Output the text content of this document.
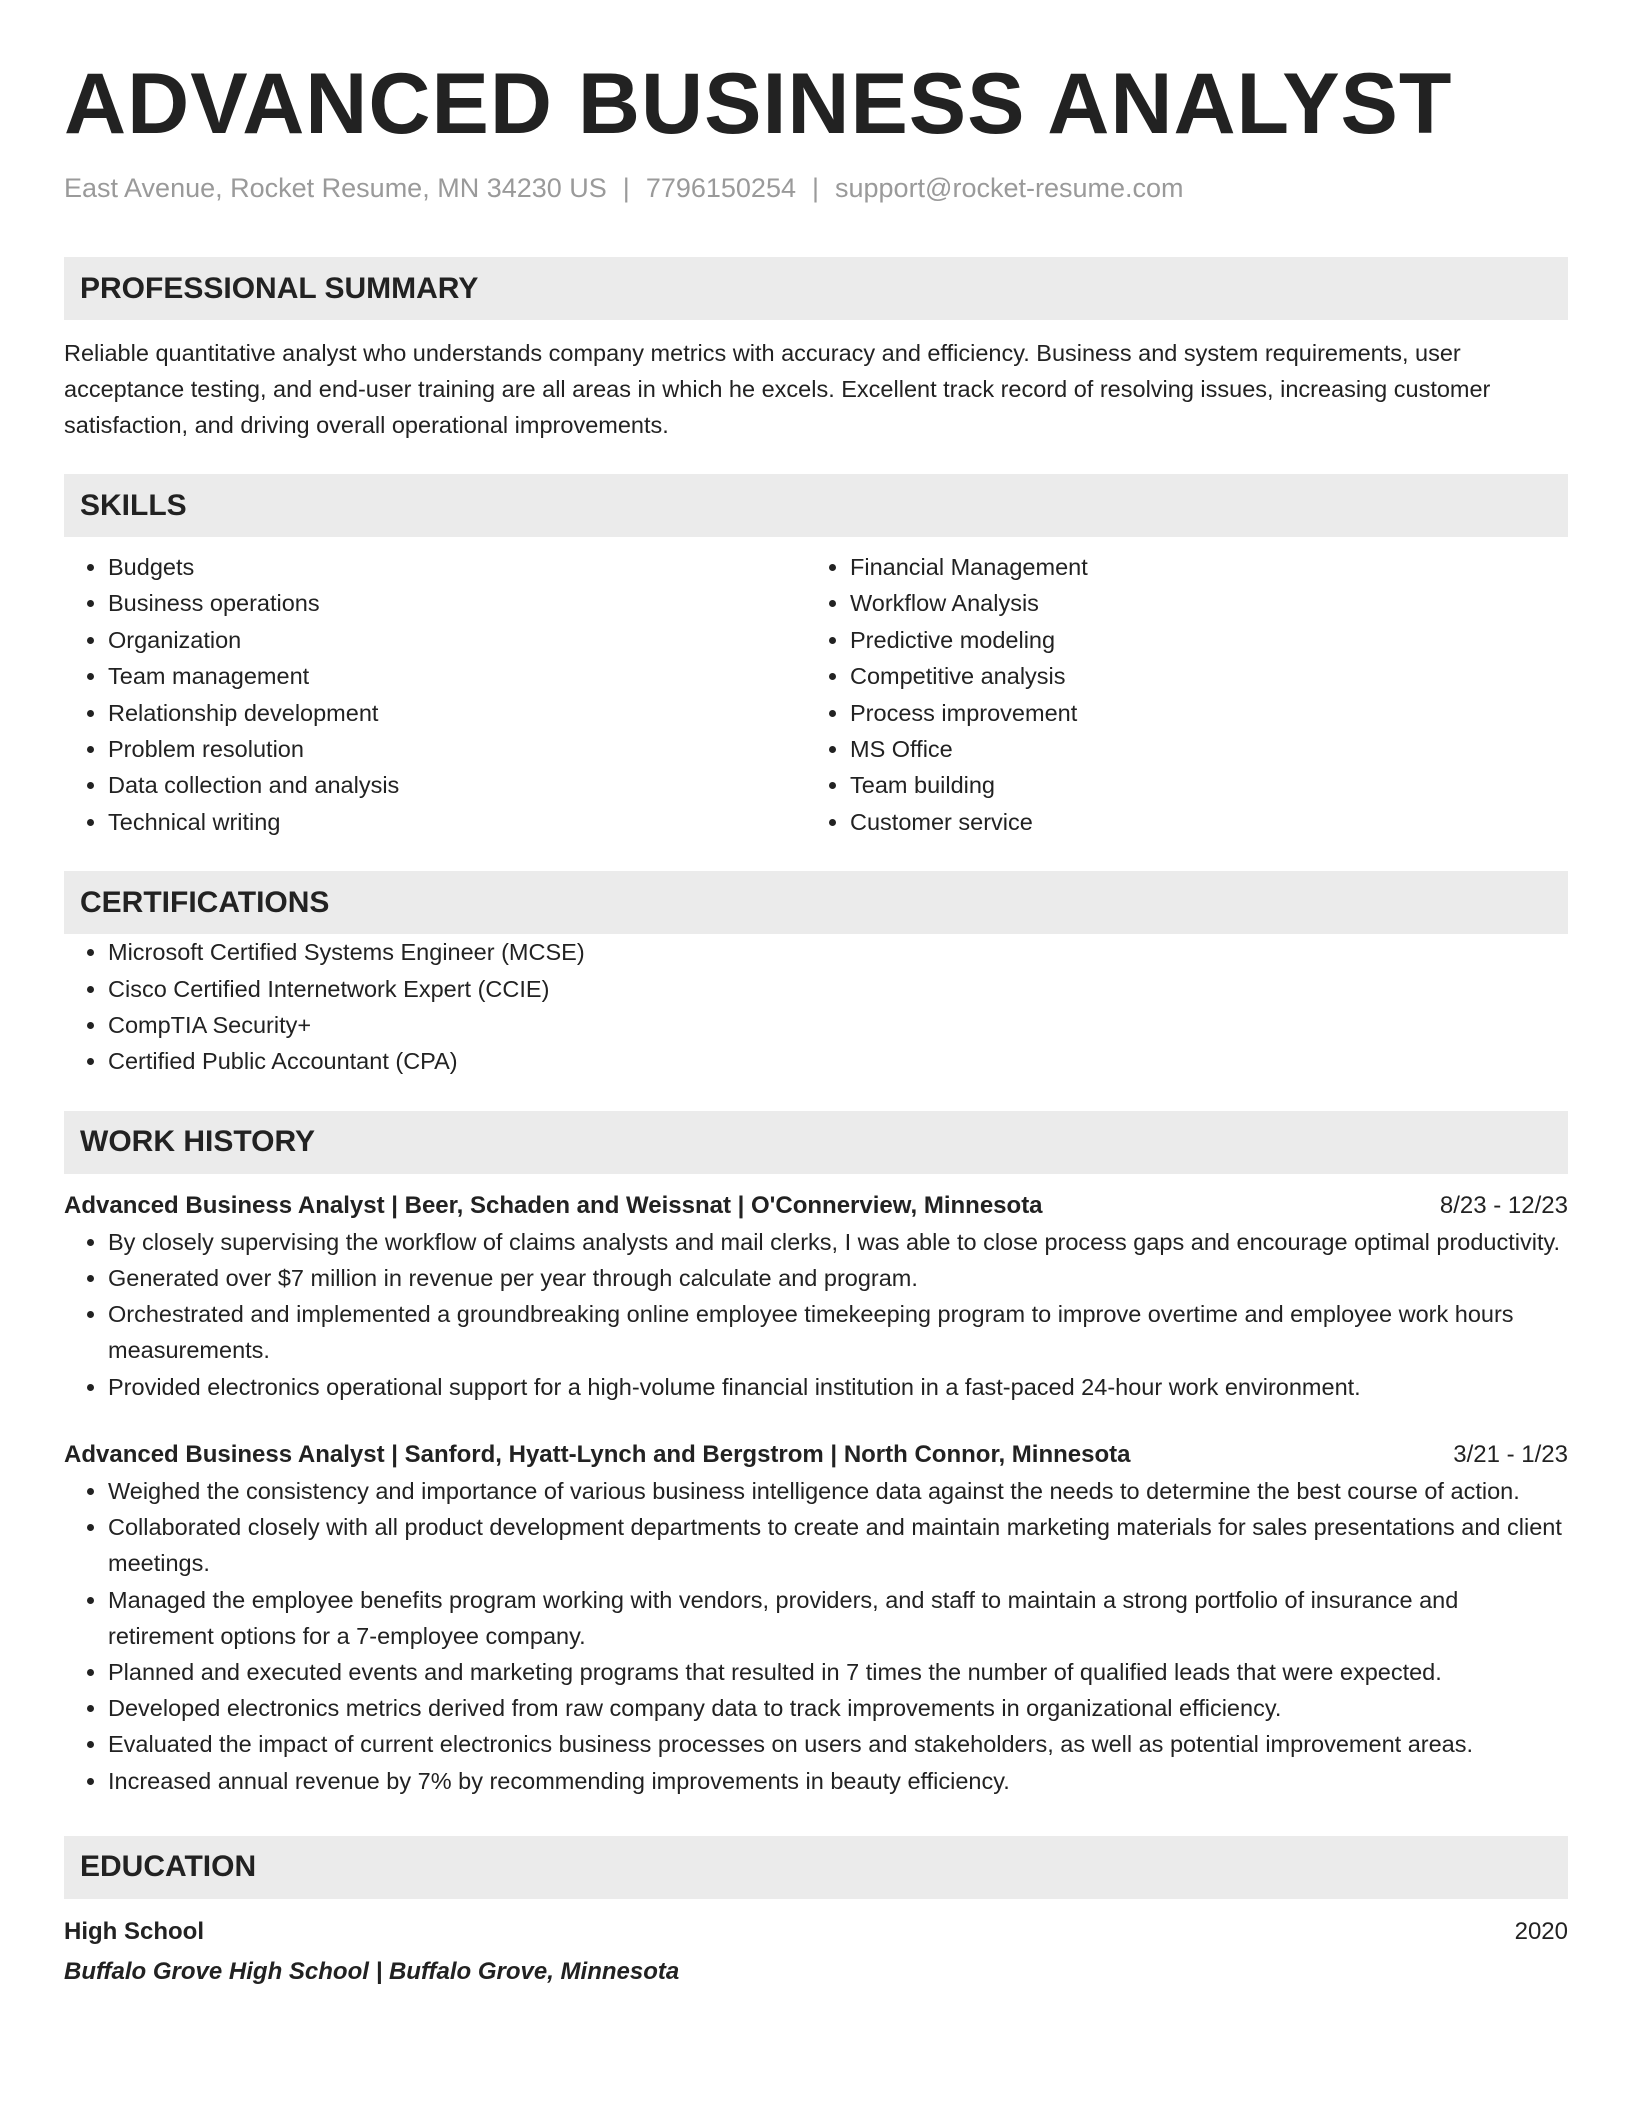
ADVANCED BUSINESS ANALYST
East Avenue, Rocket Resume, MN 34230 US | 7796150254 | support@rocket-resume.com
PROFESSIONAL SUMMARY
Reliable quantitative analyst who understands company metrics with accuracy and efficiency. Business and system requirements, user acceptance testing, and end-user training are all areas in which he excels. Excellent track record of resolving issues, increasing customer satisfaction, and driving overall operational improvements.
SKILLS
• Budgets
• Business operations
• Organization
• Team management
• Relationship development
• Problem resolution
• Data collection and analysis
• Technical writing
• Financial Management
• Workflow Analysis
• Predictive modeling
• Competitive analysis
• Process improvement
• MS Office
• Team building
• Customer service
CERTIFICATIONS
• Microsoft Certified Systems Engineer (MCSE)
• Cisco Certified Internetwork Expert (CCIE)
• CompTIA Security+
• Certified Public Accountant (CPA)
WORK HISTORY
Advanced Business Analyst | Beer, Schaden and Weissnat | O'Connerview, Minnesota	8/23 - 12/23
• By closely supervising the workflow of claims analysts and mail clerks, I was able to close process gaps and encourage optimal productivity.
• Generated over $7 million in revenue per year through calculate and program.
• Orchestrated and implemented a groundbreaking online employee timekeeping program to improve overtime and employee work hours measurements.
• Provided electronics operational support for a high-volume financial institution in a fast-paced 24-hour work environment.
Advanced Business Analyst | Sanford, Hyatt-Lynch and Bergstrom | North Connor, Minnesota	3/21 - 1/23
• Weighed the consistency and importance of various business intelligence data against the needs to determine the best course of action.
• Collaborated closely with all product development departments to create and maintain marketing materials for sales presentations and client meetings.
• Managed the employee benefits program working with vendors, providers, and staff to maintain a strong portfolio of insurance and retirement options for a 7-employee company.
• Planned and executed events and marketing programs that resulted in 7 times the number of qualified leads that were expected.
• Developed electronics metrics derived from raw company data to track improvements in organizational efficiency.
• Evaluated the impact of current electronics business processes on users and stakeholders, as well as potential improvement areas.
• Increased annual revenue by 7% by recommending improvements in beauty efficiency.
EDUCATION
High School	2020
Buffalo Grove High School | Buffalo Grove, Minnesota
